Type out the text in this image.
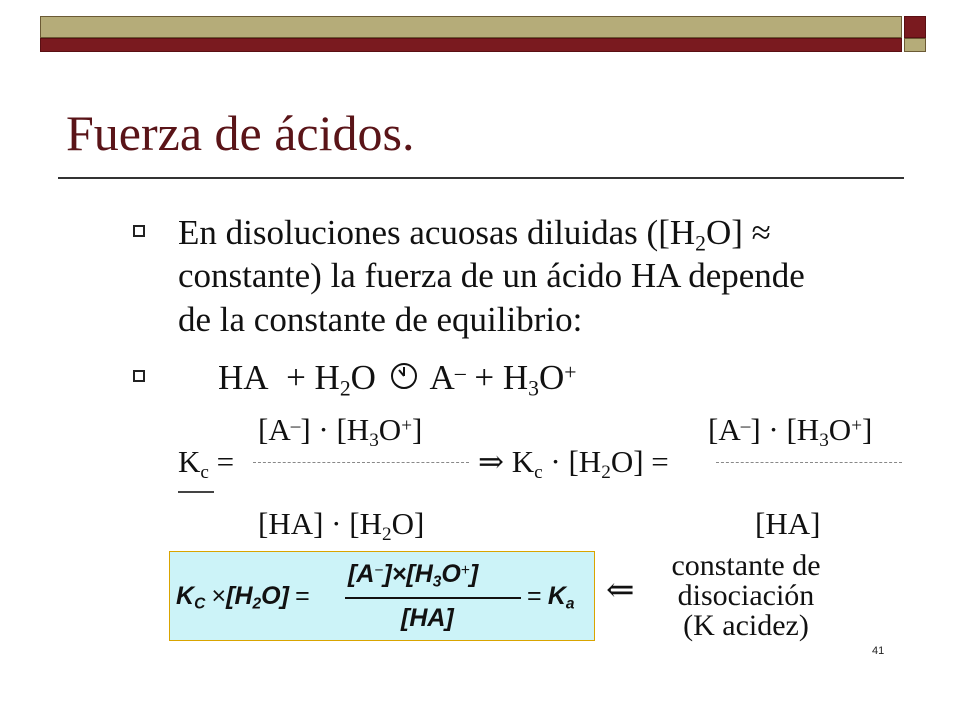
Fuerza de ácidos.
En disoluciones acuosas diluidas ($[H_2O]$ ≈
constante) la fuerza de un ácido HA depende
de la constante de equilibrio:
HA + $H_2O$ $A^- + H_3O^+$
$[A^-] \cdot [H_3O^+]$
$K_c$ =
$[HA] \cdot [H_2O]$
⇒ $K_c \cdot [H_2O]$ =
$[A^-] \cdot [H_3O^+]$
[HA]
$K_C \times[H_2O]$ =
$[A^-]\times[H_3O^+]$
[HA]
= $K_a$ ⇐
constante de
disociación
(K acidez)
41
